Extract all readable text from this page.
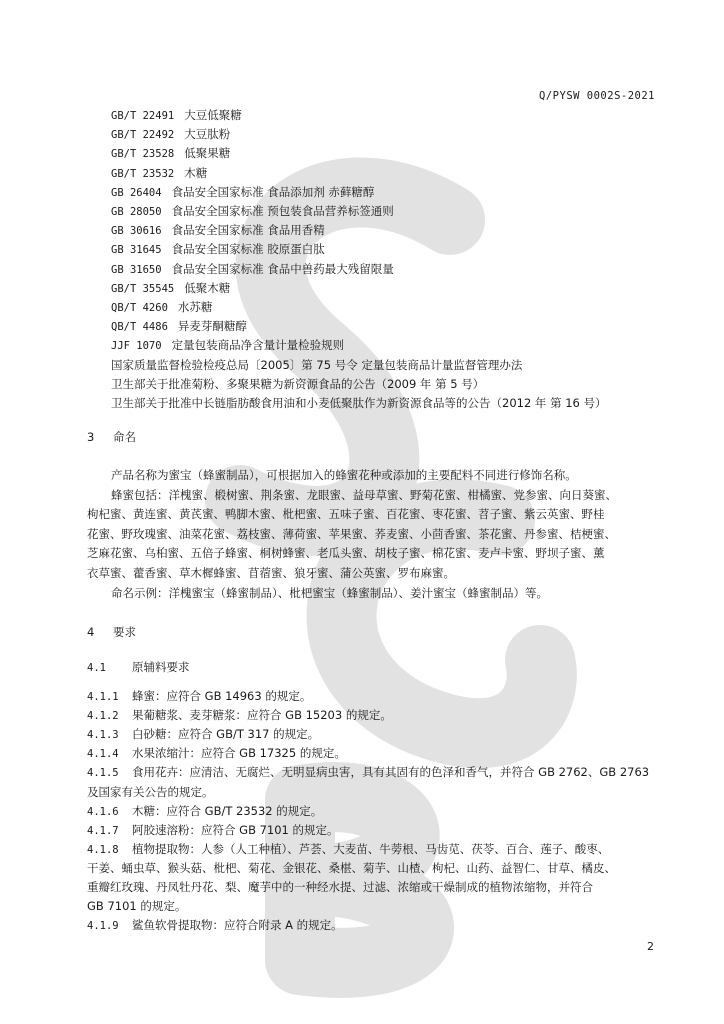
Q/PYSW 0002S-2021
GB/T 22491 大豆低聚糖
GB/T 22492 大豆肽粉
GB/T 23528 低聚果糖
GB/T 23532 木糖
GB 26404 食品安全国家标准 食品添加剂 赤藓糖醇
GB 28050 食品安全国家标准 预包装食品营养标签通则
GB 30616 食品安全国家标准 食品用香精
GB 31645 食品安全国家标准 胶原蛋白肽
GB 31650 食品安全国家标准 食品中兽药最大残留限量
GB/T 35545 低聚木糖
QB/T 4260 水苏糖
QB/T 4486 异麦芽酮糖醇
JJF 1070 定量包装商品净含量计量检验规则
国家质量监督检验检疫总局〔2005〕第 75 号令 定量包装商品计量监督管理办法
卫生部关于批准菊粉、多聚果糖为新资源食品的公告（2009 年 第 5 号）
卫生部关于批准中长链脂肪酸食用油和小麦低聚肽作为新资源食品等的公告（2012 年 第 16 号）
3 命名
产品名称为蜜宝（蜂蜜制品），可根据加入的蜂蜜花种或添加的主要配料不同进行修饰名称。
蜂蜜包括：洋槐蜜、椴树蜜、荆条蜜、龙眼蜜、益母草蜜、野菊花蜜、柑橘蜜、党参蜜、向日葵蜜、
枸杞蜜、黄连蜜、黄芪蜜、鸭脚木蜜、枇杷蜜、五味子蜜、百花蜜、枣花蜜、苕子蜜、紫云英蜜、野桂
花蜜、野玫瑰蜜、油菜花蜜、荔枝蜜、薄荷蜜、苹果蜜、荞麦蜜、小茴香蜜、茶花蜜、丹参蜜、桔梗蜜、
芝麻花蜜、乌桕蜜、五倍子蜂蜜、桐树蜂蜜、老瓜头蜜、胡枝子蜜、棉花蜜、麦卢卡蜜、野坝子蜜、薰
衣草蜜、藿香蜜、草木樨蜂蜜、苜蓿蜜、狼牙蜜、蒲公英蜜、罗布麻蜜。
命名示例：洋槐蜜宝（蜂蜜制品）、枇杷蜜宝（蜂蜜制品）、姜汁蜜宝（蜂蜜制品）等。
4 要求
4.1 原辅料要求
4.1.1 蜂蜜：应符合 GB 14963 的规定。
4.1.2 果葡糖浆、麦芽糖浆：应符合 GB 15203 的规定。
4.1.3 白砂糖：应符合 GB/T 317 的规定。
4.1.4 水果浓缩汁：应符合 GB 17325 的规定。
4.1.5 食用花卉：应清洁、无腐烂、无明显病虫害，具有其固有的色泽和香气，并符合 GB 2762、GB 2763
及国家有关公告的规定。
4.1.6 木糖：应符合 GB/T 23532 的规定。
4.1.7 阿胶速溶粉：应符合 GB 7101 的规定。
4.1.8 植物提取物：人参（人工种植）、芦荟、大麦苗、牛蒡根、马齿苋、茯苓、百合、莲子、酸枣、
干姜、蛹虫草、猴头菇、枇杷、菊花、金银花、桑椹、菊芋、山楂、枸杞、山药、益智仁、甘草、橘皮、
重瓣红玫瑰、丹凤牡丹花、梨、魔芋中的一种经水提、过滤、浓缩或干燥制成的植物浓缩物，并符合
GB 7101 的规定。
4.1.9 鲨鱼软骨提取物：应符合附录 A 的规定。
2
